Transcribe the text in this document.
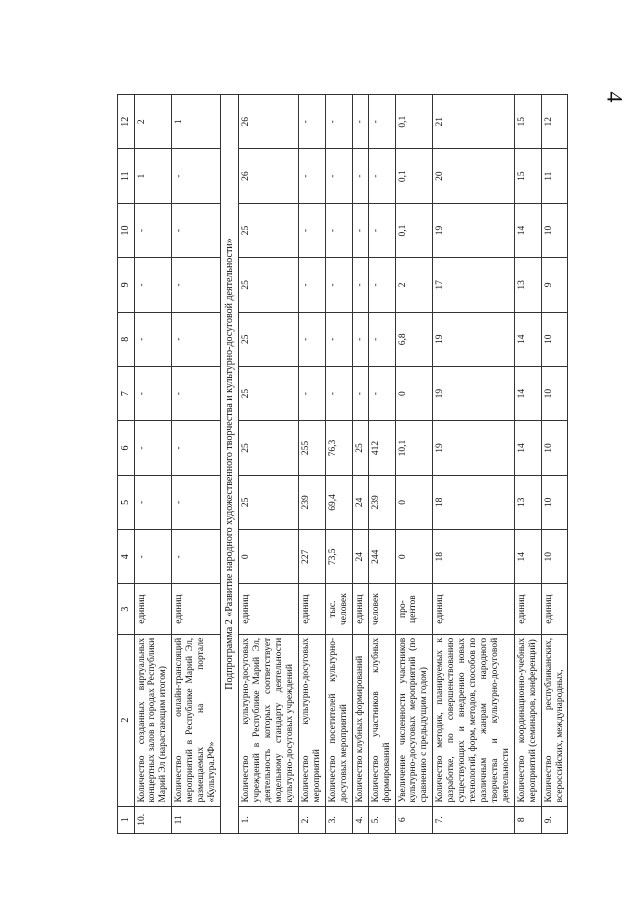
4
1	2	3	4	5	6	7	8	9	10	11	12
10.	Количество созданных виртуальных концертных залов в городах Республики Марий Эл (нарастающим итогом)	единиц	-	-	-	-	-	-	-	1	2
11	Количество онлайн-трансляций мероприятий в Республике Марий Эл, размещаемых на портале «Культура.РФ»	единиц	-	-	-	-	-	-	-	-	1
Подпрограмма 2 «Развитие народного художественного творчества и культурно-досуговой деятельности»											
1.	Количество культурно-досуговых учреждений в Республике Марий Эл, деятельность которых соответствует модельному стандарту деятельности культурно-досуговых учреждений	единиц	0	25	25	25	25	25	25	26	26
2.	Количество культурно-досуговых мероприятий	единиц	227	239	255	-	-	-	-	-	-
3.	Количество посетителей культурно-досуговых мероприятий	тыс. человек	73,5	69,4	76,3	-	-	-	-	-	-
4.	Количество клубных формирований	единиц	24	24	25	-	-	-	-	-	-
5.	Количество участников клубных формирований	человек	244	239	412	-	-	-	-	-	-
6	Увеличение численности участников культурно-досуговых мероприятий (по сравнению с предыдущим годом)	про-центов	0	0	10,1	0	6,8	2	0,1	0,1	0,1
7.	Количество методик, планируемых к разработке, по совершенствованию существующих и внедрению новых технологий, форм, методов, способов по различным жанрам народного творчества и культурно-досуговой деятельности	единиц	18	18	19	19	19	17	19	20	21
8	Количество координационно-учебных мероприятий (семинаров, конференций)	единиц	14	13	14	14	14	13	14	15	15
9.	Количество республиканских, всероссийских, международных,	единиц	10	10	10	10	10	9	10	11	12
